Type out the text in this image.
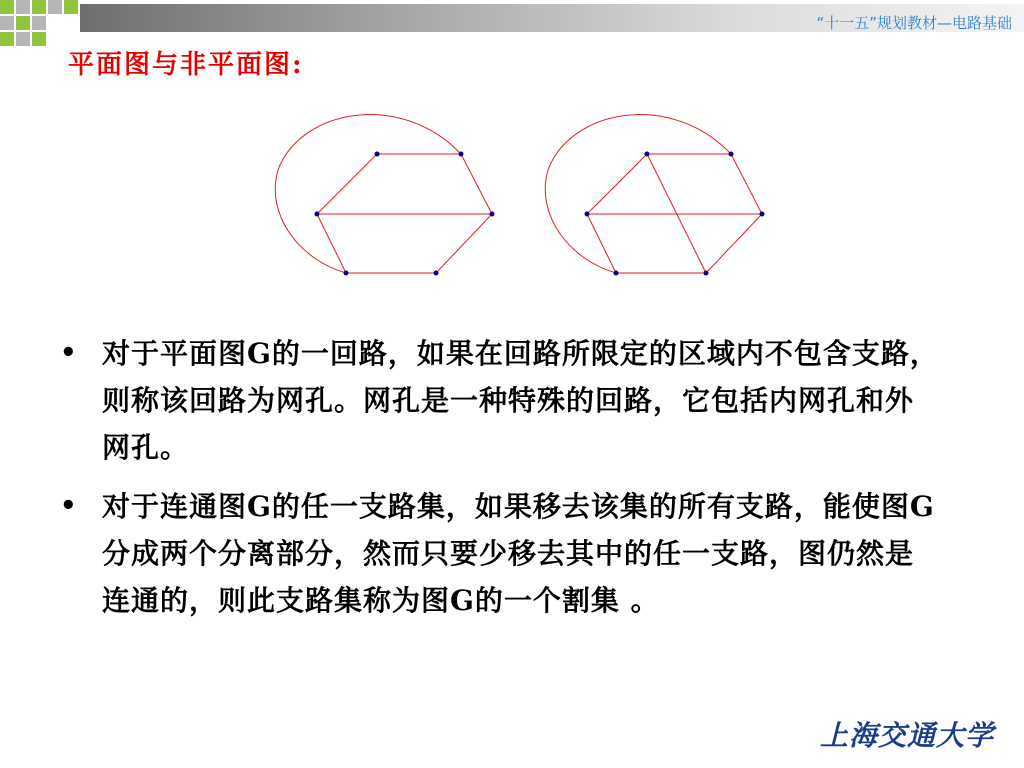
“十一五”规划教材—电路基础
平面图与非平面图:
• 对于平面图G的一回路，如果在回路所限定的区域内不包含支路，则称该回路为网孔。网孔是一种特殊的回路，它包括内网孔和外网孔。
• 对于连通图G的任一支路集，如果移去该集的所有支路，能使图G分成两个分离部分，然而只要少移去其中的任一支路，图仍然是连通的，则此支路集称为图G的一个割集 。
上海交通大学
